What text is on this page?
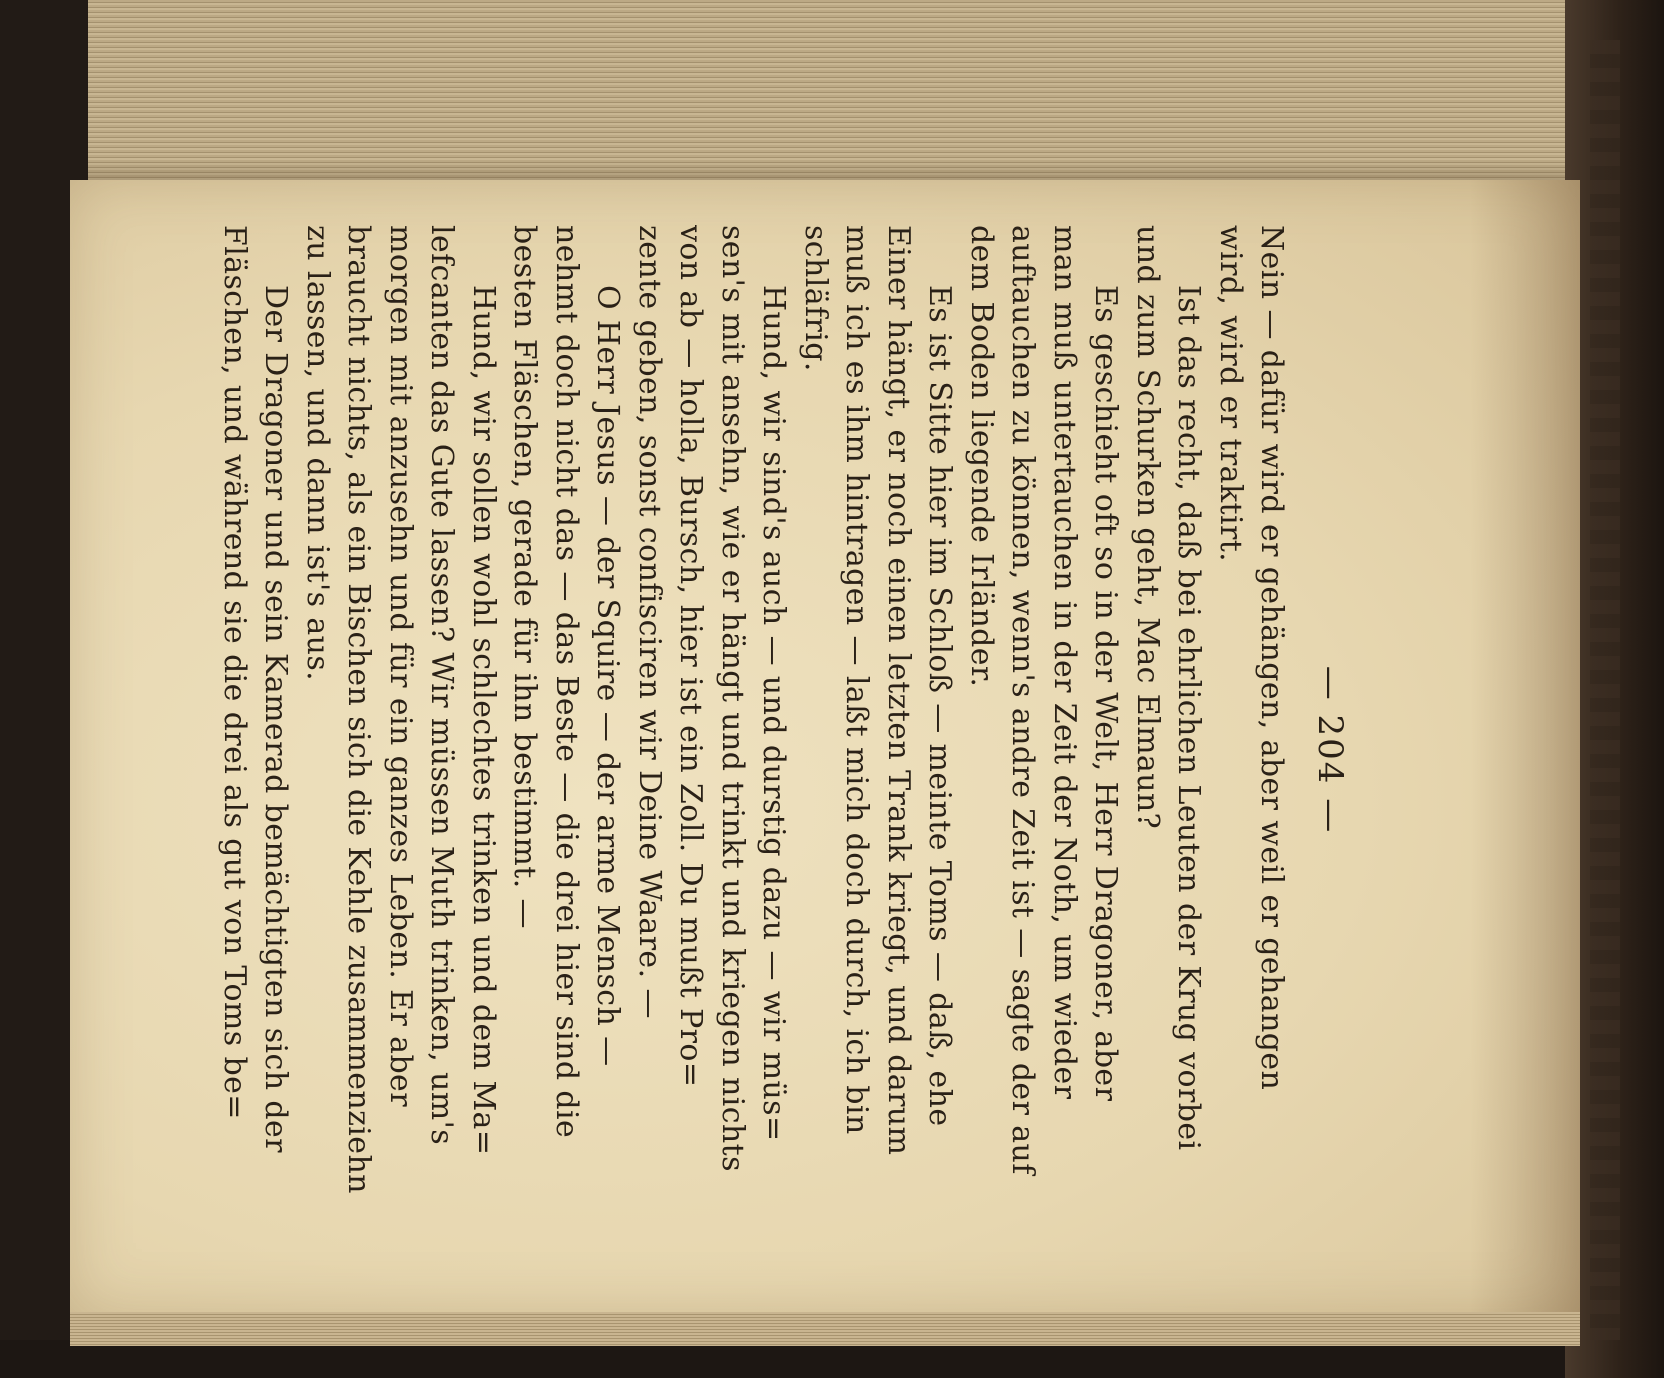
— 204 —
Nein — dafür wird er gehängen, aber weil er gehangen
wird, wird er traktirt.
Ist das recht, daß bei ehrlichen Leuten der Krug vorbei
und zum Schurken geht, Mac Elmaun?
Es geschieht oft so in der Welt, Herr Dragoner, aber
man muß untertauchen in der Zeit der Noth, um wieder
auftauchen zu können, wenn's andre Zeit ist — sagte der auf
dem Boden liegende Irländer.
Es ist Sitte hier im Schloß — meinte Toms — daß, ehe
Einer hängt, er noch einen letzten Trank kriegt, und darum
muß ich es ihm hintragen — laßt mich doch durch, ich bin
schläfrig.
Hund, wir sind's auch — und durstig dazu — wir müs=
sen's mit ansehn, wie er hängt und trinkt und kriegen nichts
von ab — holla, Bursch, hier ist ein Zoll. Du mußt Pro=
zente geben, sonst confisciren wir Deine Waare. —
O Herr Jesus — der Squire — der arme Mensch —
nehmt doch nicht das — das Beste — die drei hier sind die
besten Fläschen, gerade für ihn bestimmt. —
Hund, wir sollen wohl schlechtes trinken und dem Ma=
lefcanten das Gute lassen? Wir müssen Muth trinken, um's
morgen mit anzusehn und für ein ganzes Leben. Er aber
braucht nichts, als ein Bischen sich die Kehle zusammenziehn
zu lassen, und dann ist's aus.
Der Dragoner und sein Kamerad bemächtigten sich der
Fläschen, und während sie die drei als gut von Toms be=
